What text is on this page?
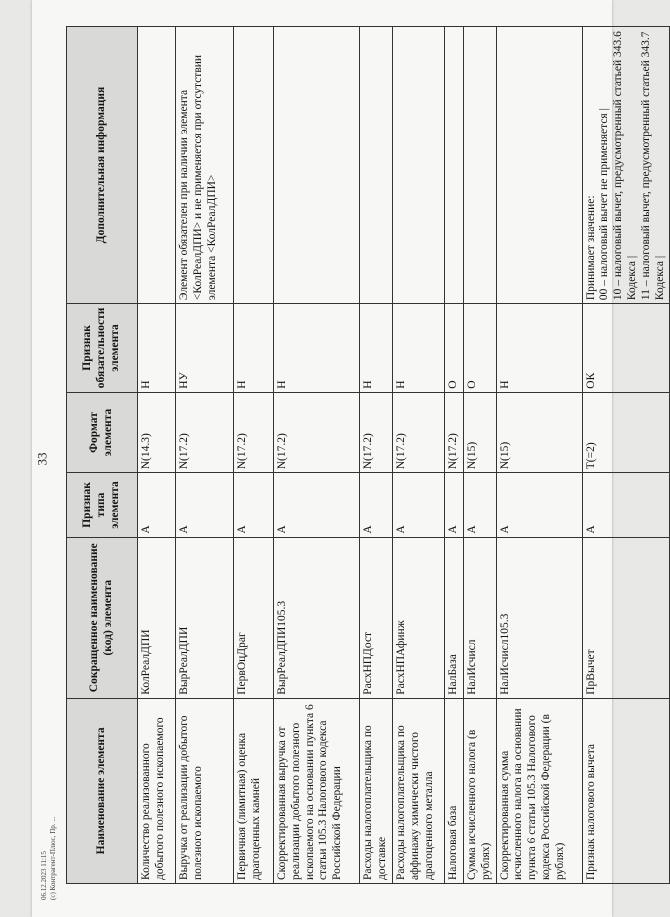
33
Наименование элемента	Сокращенное наименование (код) элемента	Признак типа элемента	Формат элемента	Признак обязательности элемента	Дополнительная информация
Количество реализованного добытого полезного ископаемого	КолРеалДПИ	А	N(14.3)	Н	
Выручка от реализации добытого полезного ископаемого	ВырРеалДПИ	А	N(17.2)	НУ	Элемент обязателен при наличии элемента <КолРеалДПИ> и не применяется при отсутствии элемента <КолРеалДПИ>
Первичная (лимитная) оценка драгоценных камней	ПервОцДраг	А	N(17.2)	Н	
Скорректированная выручка от реализации добытого полезного ископаемого на основании пункта 6 статьи 105.3 Налогового кодекса Российской Федерации	ВырРеалДПИ105.3	А	N(17.2)	Н	
Расходы налогоплательщика по доставке	РасхНПДост	А	N(17.2)	Н	
Расходы налогоплательщика по аффинажу химически чистого драгоценного металла	РасхНПАфинж	А	N(17.2)	Н	
Налоговая база	НалБаза	А	N(17.2)	О	
Сумма исчисленного налога (в рублях)	НалИсчисл	А	N(15)	О	
Скорректированная сумма исчисленного налога на основании пункта 6 статьи 105.3 Налогового кодекса Российской Федерации (в рублях)	НалИсчисл105.3	А	N(15)	Н	
Признак налогового вычета	ПрВычет	А	T(=2)	ОК	Принимает значение:
00 – налоговый вычет не применяется |
10 – налоговый вычет, предусмотренный статьей 343.6 Кодекса |
11 – налоговый вычет, предусмотренный статьей 343.7 Кодекса |
06.12.2023 11:15 (c) Контрагент-Плюс, Пр. ...
